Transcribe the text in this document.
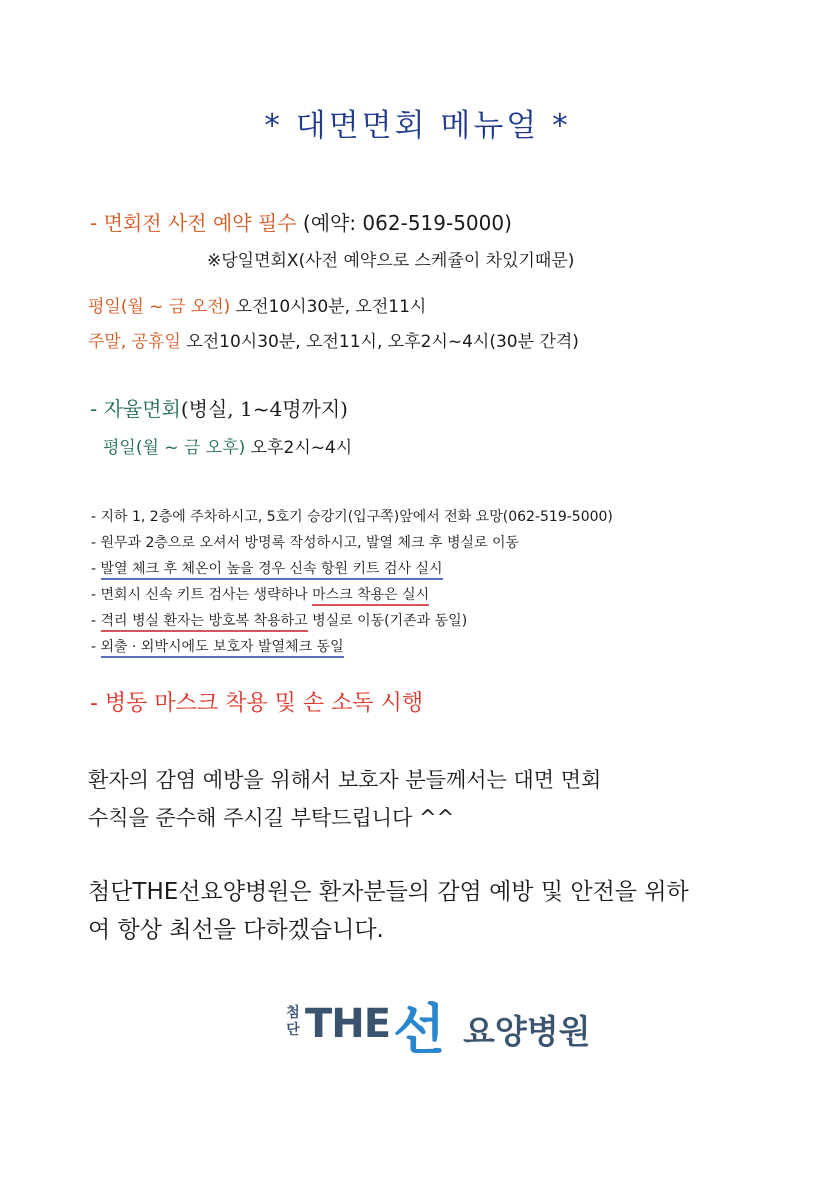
* 대면면회 메뉴얼 *
- 면회전 사전 예약 필수 (예약: 062-519-5000)
※당일면회X(사전 예약으로 스케쥴이 차있기때문)
평일(월 ~ 금 오전) 오전10시30분, 오전11시
주말, 공휴일 오전10시30분, 오전11시, 오후2시~4시(30분 간격)
- 자율면회(병실, 1~4명까지)
평일(월 ~ 금 오후) 오후2시~4시
- 지하 1, 2층에 주차하시고, 5호기 승강기(입구쪽)앞에서 전화 요망(062-519-5000)
- 원무과 2층으로 오셔서 방명록 작성하시고, 발열 체크 후 병실로 이동
- 발열 체크 후 체온이 높을 경우 신속 항원 키트 검사 실시
- 면회시 신속 키트 검사는 생략하나 마스크 착용은 실시
- 격리 병실 환자는 방호복 착용하고 병실로 이동(기존과 동일)
- 외출 · 외박시에도 보호자 발열체크 동일
- 병동 마스크 착용 및 손 소독 시행
환자의 감염 예방을 위해서 보호자 분들께서는 대면 면회
수칙을 준수해 주시길 부탁드립니다 ^^
첨단THE선요양병원은 환자분들의 감염 예방 및 안전을 위하
여 항상 최선을 다하겠습니다.
첨
단 THE 선 요양병원
